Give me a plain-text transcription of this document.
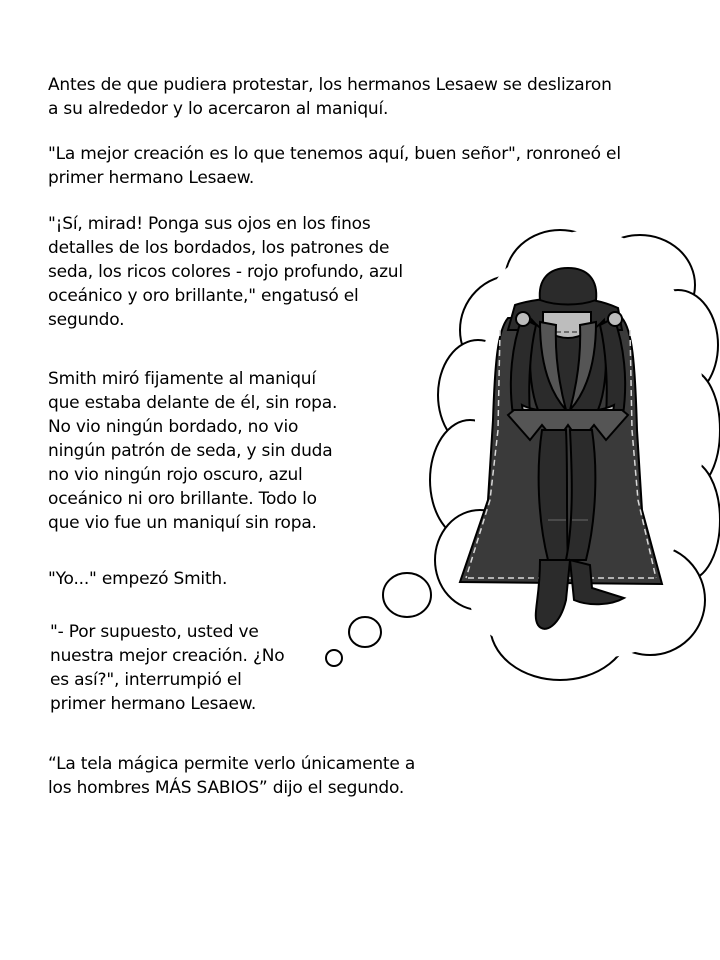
Antes de que pudiera protestar, los hermanos Lesaew se deslizaron
a su alrededor y lo acercaron al maniquí.

"La mejor creación es lo que tenemos aquí, buen señor", ronroneó el
primer hermano Lesaew.

"¡Sí, mirad! Ponga sus ojos en los finos
detalles de los bordados, los patrones de
seda, los ricos colores - rojo profundo, azul
oceánico y oro brillante," engatusó el
segundo.

Smith miró fijamente al maniquí
que estaba delante de él, sin ropa.
No vio ningún bordado, no vio
ningún patrón de seda, y sin duda
no vio ningún rojo oscuro, azul
oceánico ni oro brillante. Todo lo
que vio fue un maniquí sin ropa.

"Yo..." empezó Smith.

"- Por supuesto, usted ve
nuestra mejor creación. ¿No
es así?", interrumpió el
primer hermano Lesaew.

“La tela mágica permite verlo únicamente a
los hombres MÁS SABIOS” dijo el segundo.
